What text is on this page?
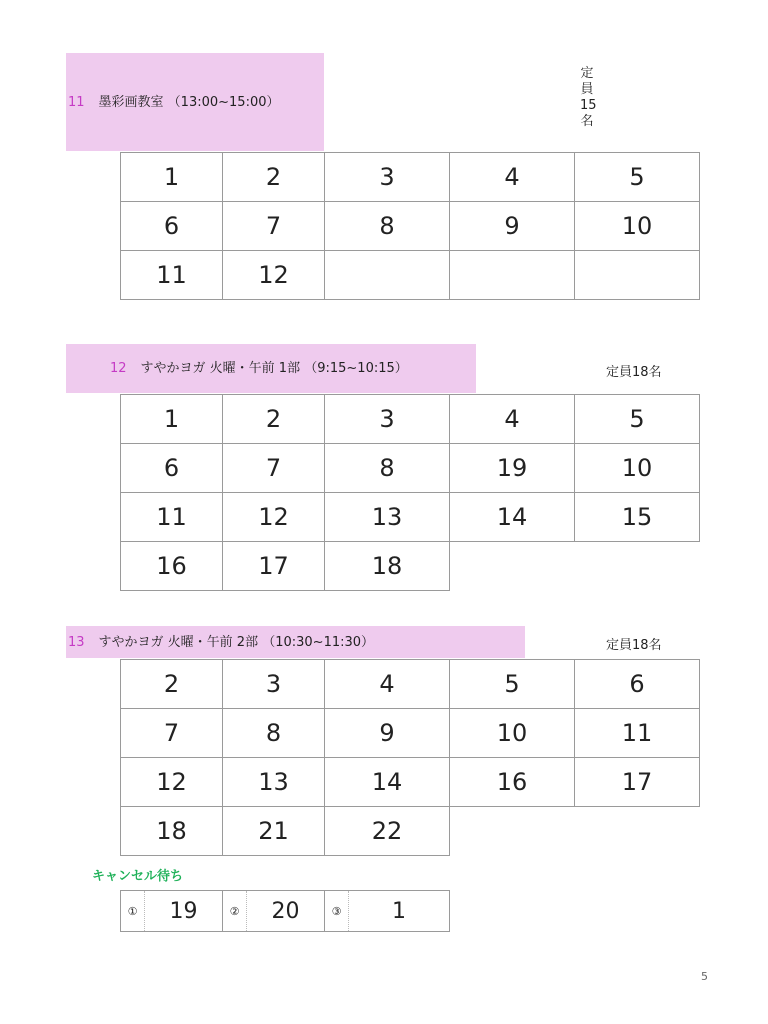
11 墨彩画教室 （13:00~15:00）
定
員
15
名
1	2	3	4	5
6	7	8	9	10
11	12			
12 すやかヨガ 火曜・午前 1部 （9:15~10:15）	定員18名
1	2	3	4	5
6	7	8	19	10
11	12	13	14	15
16	17	18		
13 すやかヨガ 火曜・午前 2部 （10:30~11:30）	定員18名
2	3	4	5	6
7	8	9	10	11
12	13	14	16	17
18	21	22		
キャンセル待ち
①	19	②	20	③	1
5
